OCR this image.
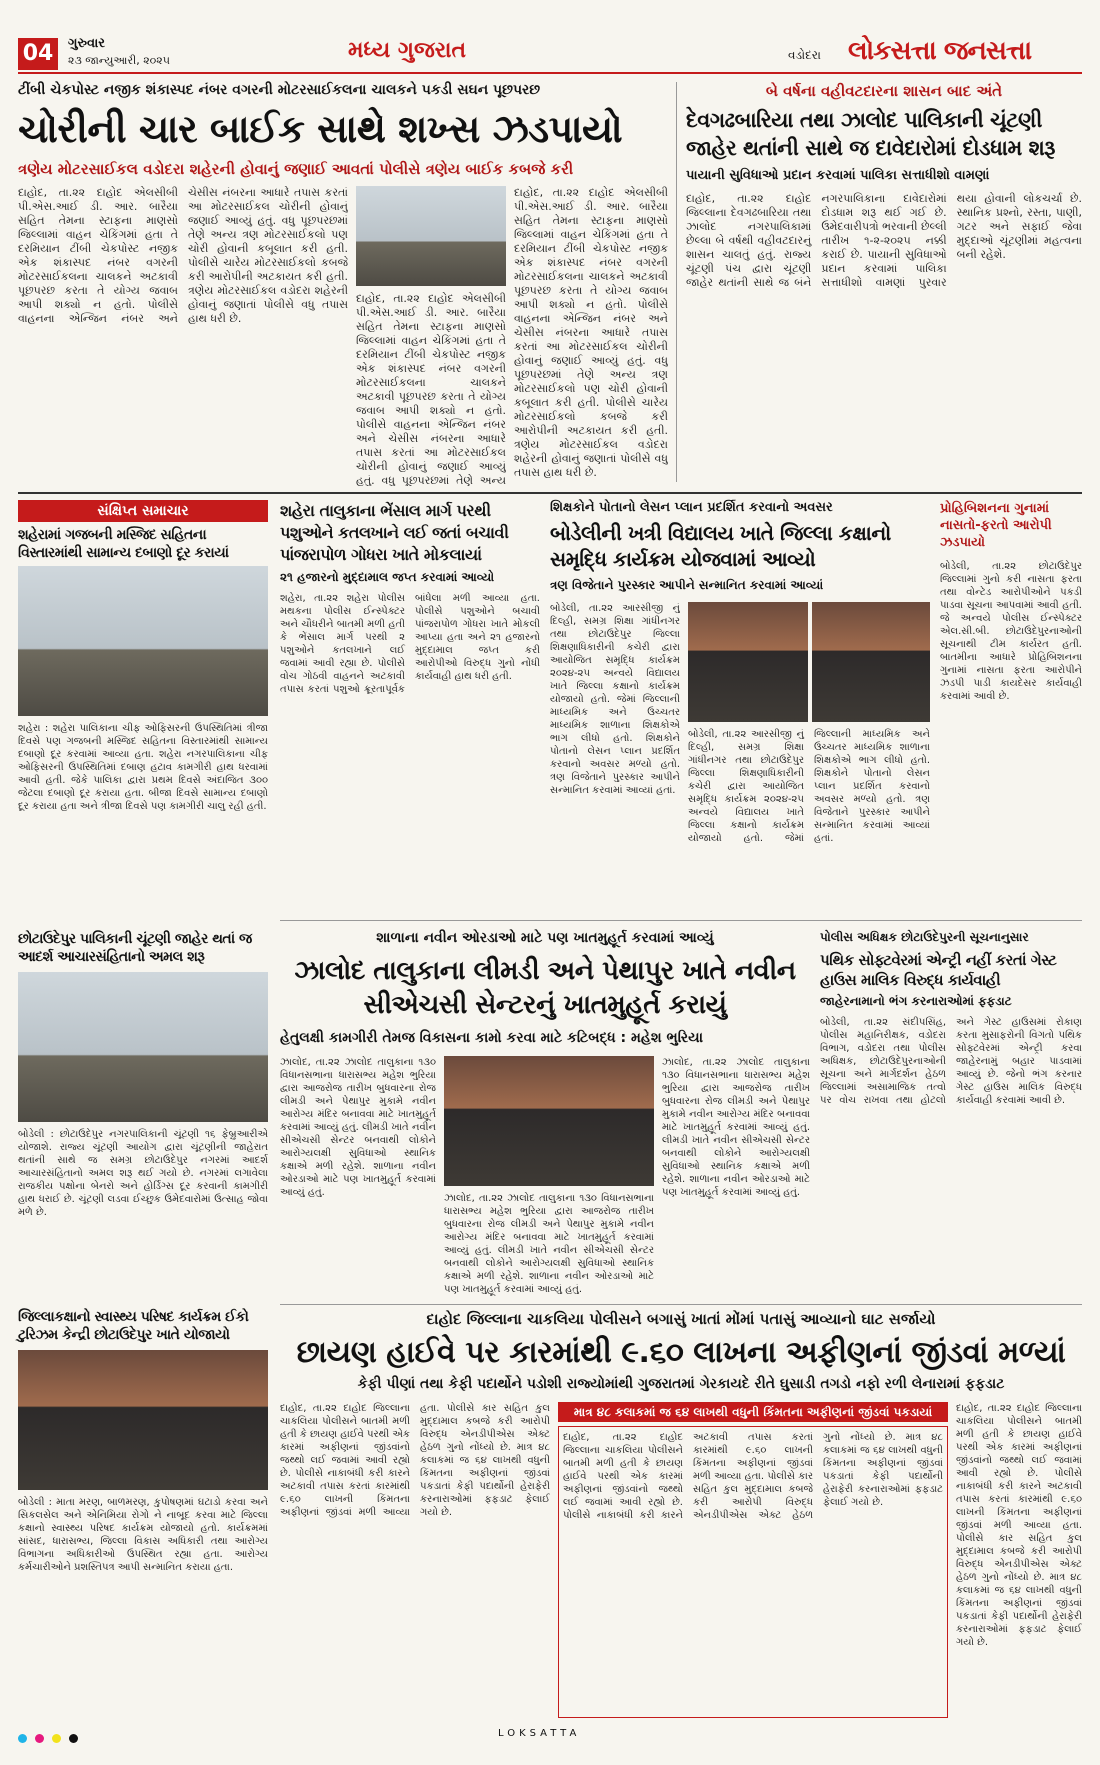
04	ગુરુવાર
૨૩ જાન્યુઆરી, ૨૦૨૫	મધ્ય ગુજરાત	વડોદરા લોકસત્તા જનસત્તા
ટીંબી ચેકપોસ્ટ નજીક શંકાસ્પદ નંબર વગરની મોટરસાઈકલના ચાલકને પકડી સઘન પૂછપરછ
ચોરીની ચાર બાઈક સાથે શખ્સ ઝડપાયો
ત્રણેય મોટરસાઈકલ વડોદરા શહેરની હોવાનું જણાઈ આવતાં પોલીસે ત્રણેય બાઈક કબજે કરી
દાહોદ, તા.૨૨ દાહોદ એલસીબી પી.એસ.આઈ ડી. આર. બારૈયા સહિત તેમના સ્ટાફના માણસો જિલ્લામાં વાહન ચેકિંગમાં હતા તે દરમિયાન ટીંબી ચેકપોસ્ટ નજીક એક શંકાસ્પદ નંબર વગરની મોટરસાઈકલના ચાલકને અટકાવી પૂછપરછ કરતા તે યોગ્ય જવાબ આપી શક્યો ન હતો. પોલીસે વાહનના એન્જિન નંબર અને ચેસીસ નંબરના આધારે તપાસ કરતાં આ મોટરસાઈકલ ચોરીની હોવાનું જણાઈ આવ્યું હતું. વધુ પૂછપરછમાં તેણે અન્ય ત્રણ મોટરસાઈકલો પણ ચોરી હોવાની કબૂલાત કરી હતી. પોલીસે ચારેય મોટરસાઈકલો કબજે કરી આરોપીની અટકાયત કરી હતી. ત્રણેય મોટરસાઈકલ વડોદરા શહેરની હોવાનું જણાતાં પોલીસે વધુ તપાસ હાથ ધરી છે.
દાહોદ, તા.૨૨ દાહોદ એલસીબી પી.એસ.આઈ ડી. આર. બારૈયા સહિત તેમના સ્ટાફના માણસો જિલ્લામાં વાહન ચેકિંગમાં હતા તે દરમિયાન ટીંબી ચેકપોસ્ટ નજીક એક શંકાસ્પદ નંબર વગરની મોટરસાઈકલના ચાલકને અટકાવી પૂછપરછ કરતા તે યોગ્ય જવાબ આપી શક્યો ન હતો. પોલીસે વાહનના એન્જિન નંબર અને ચેસીસ નંબરના આધારે તપાસ કરતાં આ મોટરસાઈકલ ચોરીની હોવાનું જણાઈ આવ્યું હતું. વધુ પૂછપરછમાં તેણે અન્ય
દાહોદ, તા.૨૨ દાહોદ એલસીબી પી.એસ.આઈ ડી. આર. બારૈયા સહિત તેમના સ્ટાફના માણસો જિલ્લામાં વાહન ચેકિંગમાં હતા તે દરમિયાન ટીંબી ચેકપોસ્ટ નજીક એક શંકાસ્પદ નંબર વગરની મોટરસાઈકલના ચાલકને અટકાવી પૂછપરછ કરતા તે યોગ્ય જવાબ આપી શક્યો ન હતો. પોલીસે વાહનના એન્જિન નંબર અને ચેસીસ નંબરના આધારે તપાસ કરતાં આ મોટરસાઈકલ ચોરીની હોવાનું જણાઈ આવ્યું હતું. વધુ પૂછપરછમાં તેણે અન્ય ત્રણ મોટરસાઈકલો પણ ચોરી હોવાની કબૂલાત કરી હતી. પોલીસે ચારેય મોટરસાઈકલો કબજે કરી આરોપીની અટકાયત કરી હતી. ત્રણેય મોટરસાઈકલ વડોદરા શહેરની હોવાનું જણાતાં પોલીસે વધુ તપાસ હાથ ધરી છે.
બે વર્ષના વહીવટદારના શાસન બાદ અંતે
દેવગઢબારિયા તથા ઝાલોદ પાલિકાની ચૂંટણી જાહેર થતાંની સાથે જ દાવેદારોમાં દોડધામ શરૂ
પાયાની સુવિધાઓ પ્રદાન કરવામાં પાલિકા સત્તાધીશો વામણાં
દાહોદ, તા.૨૨ દાહોદ જિલ્લાના દેવગઢબારિયા તથા ઝાલોદ નગરપાલિકામાં છેલ્લા બે વર્ષથી વહીવટદારનું શાસન ચાલતું હતું. રાજ્ય ચૂંટણી પંચ દ્વારા ચૂંટણી જાહેર થતાંની સાથે જ બંને નગરપાલિકાના દાવેદારોમાં દોડધામ શરૂ થઈ ગઈ છે. ઉમેદવારીપત્રો ભરવાની છેલ્લી તારીખ ૧-૨-૨૦૨૫ નક્કી કરાઈ છે. પાયાની સુવિધાઓ પ્રદાન કરવામાં પાલિકા સત્તાધીશો વામણાં પુરવાર થયા હોવાની લોકચર્ચા છે. સ્થાનિક પ્રશ્નો, રસ્તા, પાણી, ગટર અને સફાઈ જેવા મુદ્દાઓ ચૂંટણીમાં મહત્વના બની રહેશે.
સંક્ષિપ્ત સમાચાર
શહેરામાં ગજબની મસ્જિદ સહિતના વિસ્તારમાંથી સામાન્ય દબાણો દૂર કરાયાં
શહેરા : શહેરા પાલિકાના ચીફ ઓફિસરની ઉપસ્થિતિમાં ત્રીજા દિવસે પણ ગજબની મસ્જિદ સહિતના વિસ્તારમાંથી સામાન્ય દબાણો દૂર કરવામાં આવ્યા હતા. શહેરા નગરપાલિકાના ચીફ ઓફિસરની ઉપસ્થિતિમાં દબાણ હટાવ કામગીરી હાથ ધરવામાં આવી હતી. જેકે પાલિકા દ્વારા પ્રથમ દિવસે અંદાજિત ૩૦૦ જેટલા દબાણો દૂર કરાયા હતા. બીજા દિવસે સામાન્ય દબાણો દૂર કરાયા હતા અને ત્રીજા દિવસે પણ કામગીરી ચાલુ રહી હતી.
શહેરા તાલુકાના ભેંસાલ માર્ગ પરથી પશુઓને કતલખાને લઈ જતાં બચાવી પાંજરાપોળ ગોધરા ખાતે મોકલાયાં
૨૧ હજારનો મુદ્દામાલ જપ્ત કરવામાં આવ્યો
શહેરા, તા.૨૨ શહેરા પોલીસ મથકના પોલીસ ઈન્સ્પેક્ટર અને ચૌધરીને બાતમી મળી હતી કે ભેંસાલ માર્ગ પરથી ૨ પશુઓને કતલખાને લઈ જવામાં આવી રહ્યા છે. પોલીસે વોચ ગોઠવી વાહનને અટકાવી તપાસ કરતાં પશુઓ ક્રૂરતાપૂર્વક બાંધેલા મળી આવ્યા હતા. પોલીસે પશુઓને બચાવી પાંજરાપોળ ગોધરા ખાતે મોકલી આપ્યા હતા અને ૨૧ હજારનો મુદ્દામાલ જપ્ત કરી આરોપીઓ વિરુદ્ધ ગુનો નોંધી કાર્યવાહી હાથ ધરી હતી.
શિક્ષકોને પોતાનો લેસન પ્લાન પ્રદર્શિત કરવાનો અવસર
બોડેલીની ખત્રી વિદ્યાલય ખાતે જિલ્લા કક્ષાનો સમૃદ્ધિ કાર્યક્રમ યોજવામાં આવ્યો
ત્રણ વિજેતાને પુરસ્કાર આપીને સન્માનિત કરવામાં આવ્યાં
બોડેલી, તા.૨૨ આરસીજી નું દિલ્હી, સમગ્ર શિક્ષા ગાંધીનગર તથા છોટાઉદેપુર જિલ્લા શિક્ષણાધિકારીની કચેરી દ્વારા આયોજિત સમૃદ્ધિ કાર્યક્રમ ૨૦૨૪-૨૫ અન્વયે વિદ્યાલય ખાતે જિલ્લા કક્ષાનો કાર્યક્રમ યોજાયો હતો. જેમાં જિલ્લાની માધ્યમિક અને ઉચ્ચતર માધ્યમિક શાળાના શિક્ષકોએ ભાગ લીધો હતો. શિક્ષકોને પોતાનો લેસન પ્લાન પ્રદર્શિત કરવાનો અવસર મળ્યો હતો. ત્રણ વિજેતાને પુરસ્કાર આપીને સન્માનિત કરવામાં આવ્યાં હતાં.
બોડેલી, તા.૨૨ આરસીજી નું દિલ્હી, સમગ્ર શિક્ષા ગાંધીનગર તથા છોટાઉદેપુર જિલ્લા શિક્ષણાધિકારીની કચેરી દ્વારા આયોજિત સમૃદ્ધિ કાર્યક્રમ ૨૦૨૪-૨૫ અન્વયે વિદ્યાલય ખાતે જિલ્લા કક્ષાનો કાર્યક્રમ યોજાયો હતો. જેમાં જિલ્લાની માધ્યમિક અને ઉચ્ચતર માધ્યમિક શાળાના શિક્ષકોએ ભાગ લીધો હતો. શિક્ષકોને પોતાનો લેસન પ્લાન પ્રદર્શિત કરવાનો અવસર મળ્યો હતો. ત્રણ વિજેતાને પુરસ્કાર આપીને સન્માનિત કરવામાં આવ્યાં હતાં.
પ્રોહિબિશનના ગુનામાં નાસતો-ફરતો આરોપી ઝડપાયો
બોડેલી, તા.૨૨ છોટાઉદેપુર જિલ્લામાં ગુનો કરી નાસતા ફરતા તથા વોન્ટેડ આરોપીઓને પકડી પાડવા સૂચના આપવામાં આવી હતી. જે અન્વયે પોલીસ ઈન્સ્પેક્ટર એલ.સી.બી. છોટાઉદેપુરનાઓની સૂચનાથી ટીમ કાર્યરત હતી. બાતમીના આધારે પ્રોહિબિશનના ગુનામાં નાસતા ફરતા આરોપીને ઝડપી પાડી કાયદેસર કાર્યવાહી કરવામાં આવી છે.
છોટાઉદેપુર પાલિકાની ચૂંટણી જાહેર થતાં જ આદર્શ આચારસંહિતાનો અમલ શરૂ
બોડેલી : છોટાઉદેપુર નગરપાલિકાની ચૂંટણી ૧૬ ફેબ્રુઆરીએ યોજાશે. રાજ્ય ચૂંટણી આયોગ દ્વારા ચૂંટણીની જાહેરાત થતાંની સાથે જ સમગ્ર છોટાઉદેપુર નગરમાં આદર્શ આચારસંહિતાનો અમલ શરૂ થઈ ગયો છે. નગરમાં લગાવેલા રાજકીય પક્ષોના બેનરો અને હોર્ડિંગ્સ દૂર કરવાની કામગીરી હાથ ધરાઈ છે. ચૂંટણી લડવા ઈચ્છુક ઉમેદવારોમાં ઉત્સાહ જોવા મળે છે.
શાળાના નવીન ઓરડાઓ માટે પણ ખાતમુહૂર્ત કરવામાં આવ્યું
ઝાલોદ તાલુકાના લીમડી અને પેથાપુર ખાતે નવીન સીએચસી સેન્ટરનું ખાતમુહૂર્ત કરાયું
હેતુલક્ષી કામગીરી તેમજ વિકાસના કામો કરવા માટે કટિબદ્ધ : મહેશ ભુરિયા
ઝાલોદ, તા.૨૨ ઝાલોદ તાલુકાના ૧૩૦ વિધાનસભાના ધારાસભ્ય મહેશ ભુરિયા દ્વારા આજરોજ તારીખ બુધવારના રોજ લીમડી અને પેથાપુર મુકામે નવીન આરોગ્ય મંદિર બનાવવા માટે ખાતમુહૂર્ત કરવામાં આવ્યું હતું. લીમડી ખાતે નવીન સીએચસી સેન્ટર બનવાથી લોકોને આરોગ્યલક્ષી સુવિધાઓ સ્થાનિક કક્ષાએ મળી રહેશે. શાળાના નવીન ઓરડાઓ માટે પણ ખાતમુહૂર્ત કરવામાં આવ્યું હતું.
ઝાલોદ, તા.૨૨ ઝાલોદ તાલુકાના ૧૩૦ વિધાનસભાના ધારાસભ્ય મહેશ ભુરિયા દ્વારા આજરોજ તારીખ બુધવારના રોજ લીમડી અને પેથાપુર મુકામે નવીન આરોગ્ય મંદિર બનાવવા માટે ખાતમુહૂર્ત કરવામાં આવ્યું હતું. લીમડી ખાતે નવીન સીએચસી સેન્ટર બનવાથી લોકોને આરોગ્યલક્ષી સુવિધાઓ સ્થાનિક કક્ષાએ મળી રહેશે. શાળાના નવીન ઓરડાઓ માટે પણ ખાતમુહૂર્ત કરવામાં આવ્યું હતું.
ઝાલોદ, તા.૨૨ ઝાલોદ તાલુકાના ૧૩૦ વિધાનસભાના ધારાસભ્ય મહેશ ભુરિયા દ્વારા આજરોજ તારીખ બુધવારના રોજ લીમડી અને પેથાપુર મુકામે નવીન આરોગ્ય મંદિર બનાવવા માટે ખાતમુહૂર્ત કરવામાં આવ્યું હતું. લીમડી ખાતે નવીન સીએચસી સેન્ટર બનવાથી લોકોને આરોગ્યલક્ષી સુવિધાઓ સ્થાનિક કક્ષાએ મળી રહેશે. શાળાના નવીન ઓરડાઓ માટે પણ ખાતમુહૂર્ત કરવામાં આવ્યું હતું.
પોલીસ અધિક્ષક છોટાઉદેપુરની સૂચનાનુસાર
પથિક સોફ્ટવેરમાં એન્ટ્રી નહીં કરતાં ગેસ્ટ હાઉસ માલિક વિરુદ્ધ કાર્યવાહી
જાહેરનામાનો ભંગ કરનારાઓમાં ફફડાટ
બોડેલી, તા.૨૨ સંદીપસિંહ, પોલીસ મહાનિરીક્ષક, વડોદરા વિભાગ, વડોદરા તથા પોલીસ અધિક્ષક, છોટાઉદેપુરનાઓની સૂચના અને માર્ગદર્શન હેઠળ જિલ્લામાં અસામાજિક તત્વો પર વોચ રાખવા તથા હોટલો અને ગેસ્ટ હાઉસમાં રોકાણ કરતા મુસાફરોની વિગતો પથિક સોફ્ટવેરમાં એન્ટ્રી કરવા જાહેરનામું બહાર પાડવામાં આવ્યું છે. જેનો ભંગ કરનાર ગેસ્ટ હાઉસ માલિક વિરુદ્ધ કાર્યવાહી કરવામાં આવી છે.
જિલ્લાકક્ષાનો સ્વાસ્થ્ય પરિષદ કાર્યક્રમ ઈકો ટુરિઝમ કેન્દ્રી છોટાઉદેપુર ખાતે યોજાયો
બોડેલી : માતા મરણ, બાળમરણ, કુપોષણમાં ઘટાડો કરવા અને સિકલસેલ અને એનિમિયા રોગો ને નાબૂદ કરવા માટે જિલ્લા કક્ષાનો સ્વાસ્થ્ય પરિષદ કાર્યક્રમ યોજાયો હતો. કાર્યક્રમમાં સાંસદ, ધારાસભ્ય, જિલ્લા વિકાસ અધિકારી તથા આરોગ્ય વિભાગના અધિકારીઓ ઉપસ્થિત રહ્યા હતા. આરોગ્ય કર્મચારીઓને પ્રશસ્તિપત્ર આપી સન્માનિત કરાયા હતા.
દાહોદ જિલ્લાના ચાકલિયા પોલીસને બગાસું ખાતાં મોંમાં પતાસું આવ્યાનો ઘાટ સર્જાયો
છાયણ હાઈવે પર કારમાંથી ૯.૬૦ લાખના અફીણનાં જીંડવાં મળ્યાં
કેફી પીણાં તથા કેફી પદાર્થોને પડોશી રાજ્યોમાંથી ગુજરાતમાં ગેરકાયદે રીતે ઘુસાડી તગડો નફો રળી લેનારામાં ફફડાટ
દાહોદ, તા.૨૨ દાહોદ જિલ્લાના ચાકલિયા પોલીસને બાતમી મળી હતી કે છાયણ હાઈવે પરથી એક કારમાં અફીણનાં જીંડવાંનો જથ્થો લઈ જવામાં આવી રહ્યો છે. પોલીસે નાકાબંધી કરી કારને અટકાવી તપાસ કરતાં કારમાંથી ૯.૬૦ લાખની કિંમતના અફીણનાં જીંડવાં મળી આવ્યા હતા. પોલીસે કાર સહિત કુલ મુદ્દામાલ કબજે કરી આરોપી વિરુદ્ધ એનડીપીએસ એક્ટ હેઠળ ગુનો નોંધ્યો છે. માત્ર ૪૮ કલાકમાં જ ૬૪ લાખથી વધુની કિંમતના અફીણનાં જીંડવાં પકડાતાં કેફી પદાર્થોની હેરાફેરી કરનારાઓમાં ફફડાટ ફેલાઈ ગયો છે.
માત્ર ૪૮ કલાકમાં જ ૬૪ લાખથી વધુની કિંમતના અફીણનાં જીંડવાં પકડાયાં
દાહોદ, તા.૨૨ દાહોદ જિલ્લાના ચાકલિયા પોલીસને બાતમી મળી હતી કે છાયણ હાઈવે પરથી એક કારમાં અફીણનાં જીંડવાંનો જથ્થો લઈ જવામાં આવી રહ્યો છે. પોલીસે નાકાબંધી કરી કારને અટકાવી તપાસ કરતાં કારમાંથી ૯.૬૦ લાખની કિંમતના અફીણનાં જીંડવાં મળી આવ્યા હતા. પોલીસે કાર સહિત કુલ મુદ્દામાલ કબજે કરી આરોપી વિરુદ્ધ એનડીપીએસ એક્ટ હેઠળ ગુનો નોંધ્યો છે. માત્ર ૪૮ કલાકમાં જ ૬૪ લાખથી વધુની કિંમતના અફીણનાં જીંડવાં પકડાતાં કેફી પદાર્થોની હેરાફેરી કરનારાઓમાં ફફડાટ ફેલાઈ ગયો છે.
દાહોદ, તા.૨૨ દાહોદ જિલ્લાના ચાકલિયા પોલીસને બાતમી મળી હતી કે છાયણ હાઈવે પરથી એક કારમાં અફીણનાં જીંડવાંનો જથ્થો લઈ જવામાં આવી રહ્યો છે. પોલીસે નાકાબંધી કરી કારને અટકાવી તપાસ કરતાં કારમાંથી ૯.૬૦ લાખની કિંમતના અફીણનાં જીંડવાં મળી આવ્યા હતા. પોલીસે કાર સહિત કુલ મુદ્દામાલ કબજે કરી આરોપી વિરુદ્ધ એનડીપીએસ એક્ટ હેઠળ ગુનો નોંધ્યો છે. માત્ર ૪૮ કલાકમાં જ ૬૪ લાખથી વધુની કિંમતના અફીણનાં જીંડવાં પકડાતાં કેફી પદાર્થોની હેરાફેરી કરનારાઓમાં ફફડાટ ફેલાઈ ગયો છે.

LOKSATTA
